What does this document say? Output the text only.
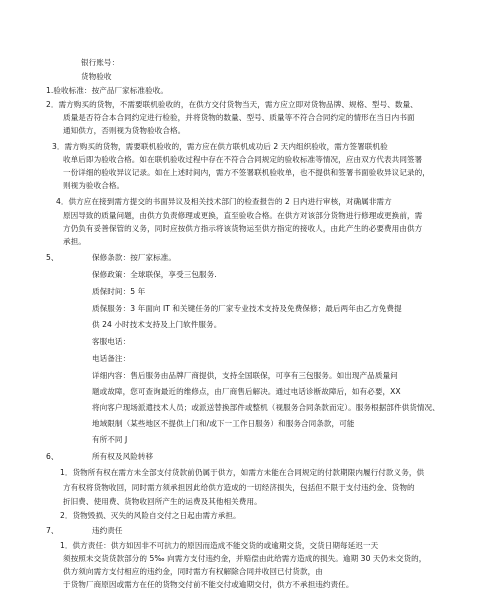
银行账号：
货物验收
1.验收标准：按产品厂家标准验收。
2．需方购买的货物，不需要联机验收的，在供方交付货物当天，需方应立即对货物品牌、规格、型号、数量、
质量是否符合本合同约定进行检验，并将货物的数量、型号、质量等不符合合同约定的情形在当日内书面
通知供方，否则视为货物验收合格。
3．需方购买的货物，需要联机验收的，需方应在供方联机成功后 2 天内组织验收，需方签署联机验
收单后即为验收合格。如在联机验收过程中存在不符合合同规定的验收标准等情况，应由双方代表共同签署
一份详细的验收异议记录。如在上述时间内，需方不签署联机验收单，也不提供和签署书面验收异议记录的，
则视为验收合格。
4．供方应在接到需方提交的书面异议及相关技术部门的检查报告的 2 日内进行审核，对确属非需方
原因导致的质量问题，由供方负责修理或更换，直至验收合格。在供方对该部分货物进行修理或更换前，需
方仍负有妥善保管的义务，同时应按供方指示将该货物运至供方指定的接收人，由此产生的必要费用由供方
承担。
5、	保修条款：按厂家标准。
保修政策：全球联保，享受三包服务.
质保时间：5 年
质保服务：3 年面向 IT 和关键任务的厂家专业技术支持及免费保修；最后两年由乙方免费提
供 24 小时技术支持及上门软件服务。
客服电话：
电话备注：
详细内容：售后服务由品牌厂商提供，支持全国联保，可享有三包服务。如出现产品质量问
题或故障，您可查询最近的维修点，由厂商售后解决。通过电话诊断故障后，如有必要，XX
将向客户现场派遣技术人员；或派送替换部件或整机（视服务合同条款而定）。服务根据部件供货情况、
地域限制（某些地区不提供上门和/或下一工作日服务）和服务合同条款，可能
有所不同 J
6、	所有权及风险转移
1．货物所有权在需方未全部支付货款前仍属于供方，如需方未能在合同规定的付款期限内履行付款义务，供
方有权将货物收回，同时需方须承担因此给供方造成的一切经济损失，包括但不限于支付违约金、货物的
折旧费、使用费、货物收回所产生的运费及其他相关费用。
2．货物毁损、灭失的风险自交付之日起由需方承担。
7、	违约责任
1．供方责任：供方如因非不可抗力的原因而造成不能交货的或逾期交货，交货日期每延迟一天
须按照未交货货款部分的 5‰ 向需方支付违约金，并赔偿由此给需方造成的损失。逾期 30 天仍未交货的，
供方须向需方支付相应的违约金，同时需方有权解除合同并收回已付货款，由
于货物厂商原因或需方在任的货物交付前不能交付或逾期交付，供方不承担违约责任。
